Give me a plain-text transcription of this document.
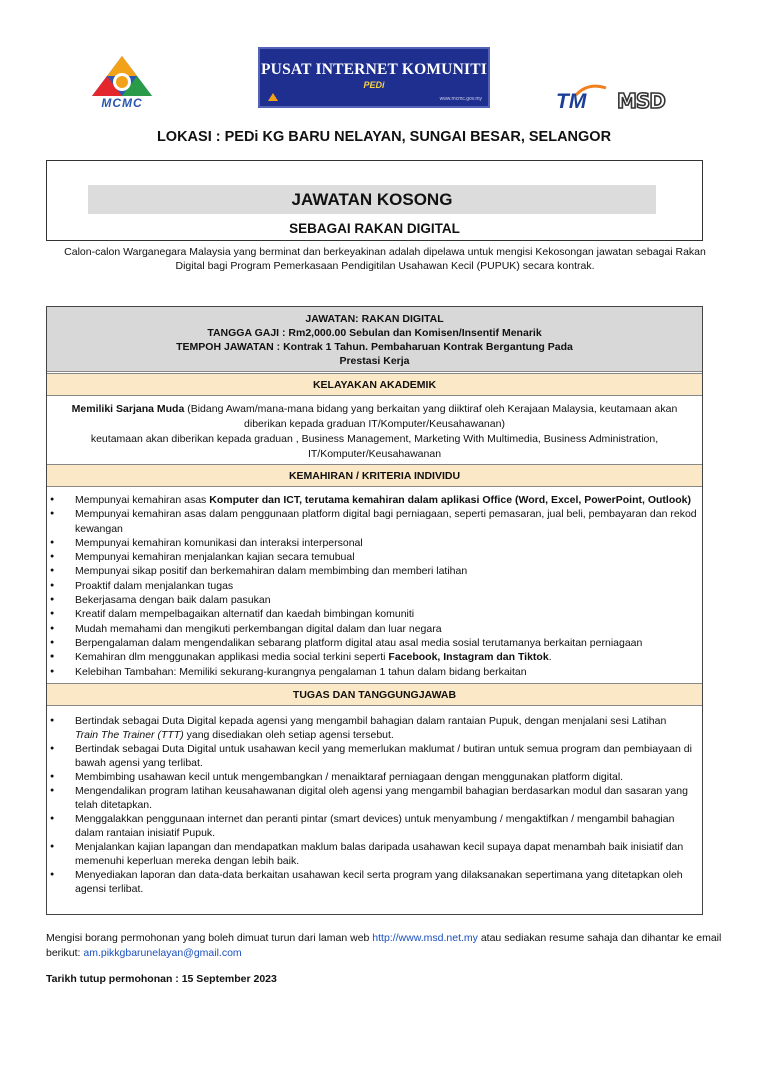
MCMC
PUSAT INTERNET KOMUNITI
PEDi
www.mcmc.gov.my	TM MSD
LOKASI : PEDi KG BARU NELAYAN, SUNGAI BESAR, SELANGOR
JAWATAN KOSONG
SEBAGAI RAKAN DIGITAL
Calon-calon Warganegara Malaysia yang berminat dan berkeyakinan adalah dipelawa untuk mengisi Kekosongan jawatan sebagai Rakan Digital bagi Program Pemerkasaan Pendigitilan Usahawan Kecil (PUPUK) secara kontrak.
JAWATAN: RAKAN DIGITAL
TANGGA GAJI : Rm2,000.00 Sebulan dan Komisen/Insentif Menarik
TEMPOH JAWATAN : Kontrak 1 Tahun. Pembaharuan Kontrak Bergantung Pada
Prestasi Kerja
KELAYAKAN AKADEMIK
Memiliki Sarjana Muda (Bidang Awam/mana-mana bidang yang berkaitan yang diiktiraf oleh Kerajaan Malaysia, keutamaan akan
diberikan kepada graduan IT/Komputer/Keusahawanan)
keutamaan akan diberikan kepada graduan , Business Management, Marketing With Multimedia, Business Administration,
IT/Komputer/Keusahawanan
KEMAHIRAN / KRITERIA INDIVIDU
● Mempunyai kemahiran asas Komputer dan ICT, terutama kemahiran dalam aplikasi Office (Word, Excel, PowerPoint, Outlook)
● Mempunyai kemahiran asas dalam penggunaan platform digital bagi perniagaan, seperti pemasaran, jual beli, pembayaran dan rekod kewangan
● Mempunyai kemahiran komunikasi dan interaksi interpersonal
● Mempunyai kemahiran menjalankan kajian secara temubual
● Mempunyai sikap positif dan berkemahiran dalam membimbing dan memberi latihan
● Proaktif dalam menjalankan tugas
● Bekerjasama dengan baik dalam pasukan
● Kreatif dalam mempelbagaikan alternatif dan kaedah bimbingan komuniti
● Mudah memahami dan mengikuti perkembangan digital dalam dan luar negara
● Berpengalaman dalam mengendalikan sebarang platform digital atau asal media sosial terutamanya berkaitan perniagaan
● Kemahiran dlm menggunakan applikasi media social terkini seperti Facebook, Instagram dan Tiktok.
● Kelebihan Tambahan: Memiliki sekurang-kurangnya pengalaman 1 tahun dalam bidang berkaitan
TUGAS DAN TANGGUNGJAWAB
● Bertindak sebagai Duta Digital kepada agensi yang mengambil bahagian dalam rantaian Pupuk, dengan menjalani sesi Latihan Train The Trainer (TTT) yang disediakan oleh setiap agensi tersebut.
● Bertindak sebagai Duta Digital untuk usahawan kecil yang memerlukan maklumat / butiran untuk semua program dan pembiayaan di bawah agensi yang terlibat.
● Membimbing usahawan kecil untuk mengembangkan / menaiktaraf perniagaan dengan menggunakan platform digital.
● Mengendalikan program latihan keusahawanan digital oleh agensi yang mengambil bahagian berdasarkan modul dan sasaran yang telah ditetapkan.
● Menggalakkan penggunaan internet dan peranti pintar (smart devices) untuk menyambung / mengaktifkan / mengambil bahagian dalam rantaian inisiatif Pupuk.
● Menjalankan kajian lapangan dan mendapatkan maklum balas daripada usahawan kecil supaya dapat menambah baik inisiatif dan memenuhi keperluan mereka dengan lebih baik.
● Menyediakan laporan dan data-data berkaitan usahawan kecil serta program yang dilaksanakan sepertimana yang ditetapkan oleh agensi terlibat.
Mengisi borang permohonan yang boleh dimuat turun dari laman web http://www.msd.net.my atau sediakan resume sahaja dan dihantar ke email berikut: am.pikkgbarunelayan@gmail.com
Tarikh tutup permohonan : 15 September 2023
